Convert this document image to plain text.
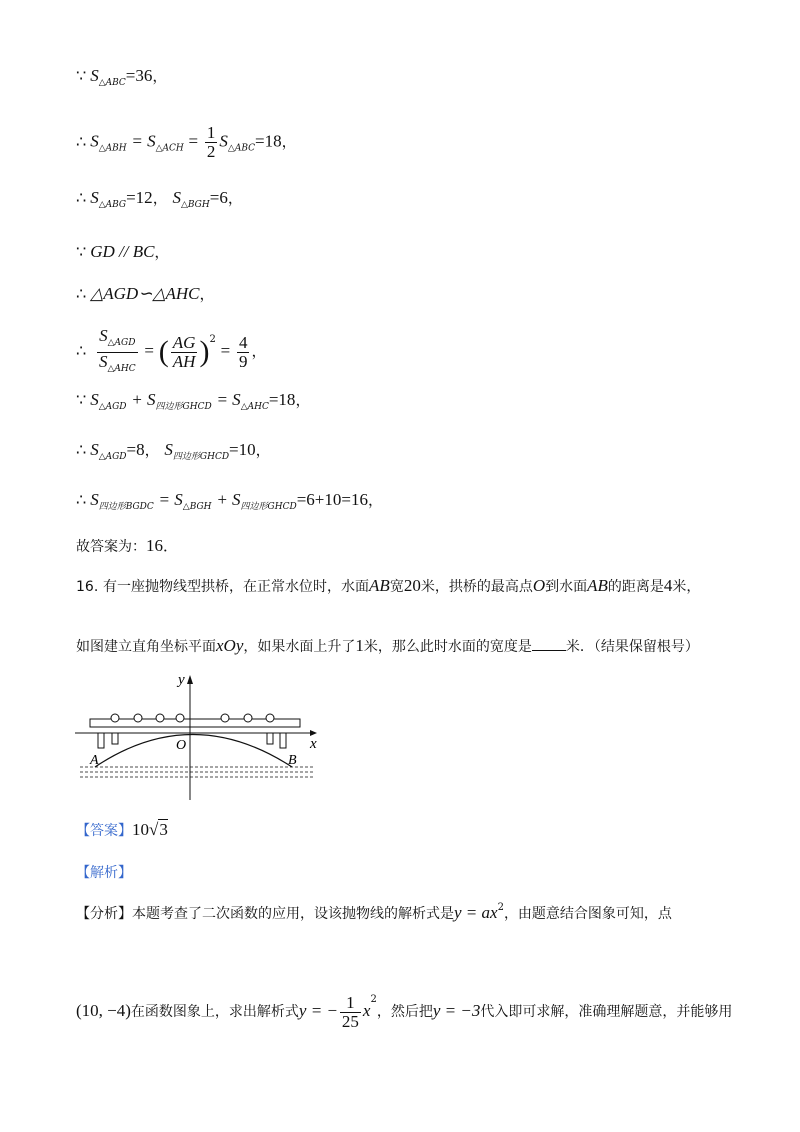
∵ $S_{\triangle ABC}=36$，
∴ $S_{\triangle ABH} = S_{\triangle ACH} = \frac{1}{2} S_{\triangle ABC}=18$，
∴ $S_{\triangle ABG}=12$， $S_{\triangle BGH}=6$，
∵ GD // BC，
∴ △AGD∽△AHC，
∴ $\frac{S_{\triangle AGD}}{S_{\triangle AHC}}$ = ( $\frac{AG}{AH} )^2 = \frac{4}{9}$ ，
∵ $S_{\triangle AGD} + S_{四边形GHCD} = S_{\triangle AHC}=18$，
∴ $S_{\triangle AGD}=8$， $S_{四边形GHCD}=10$，
∴ $S_{四边形BGDC} = S_{\triangle BGH} + S_{四边形GHCD}=6+10=16$，
故答案为：16．
16. 有一座抛物线型拱桥，在正常水位时，水面AB宽20米，拱桥的最高点O到水面AB的距离是4米，
如图建立直角坐标平面xOy，如果水面上升了1米，那么此时水面的宽度是 米．（结果保留根号）
y
x
O
A	B
【答案】10√3
【解析】
【分析】本题考查了二次函数的应用，设该抛物线的解析式是$y = ax^2$，由题意结合图象可知，点
(10, −4)在函数图象上，求出解析式y = − $\frac{1}{25} x^2$，然后把y = −3代入即可求解，准确理解题意，并能够用
